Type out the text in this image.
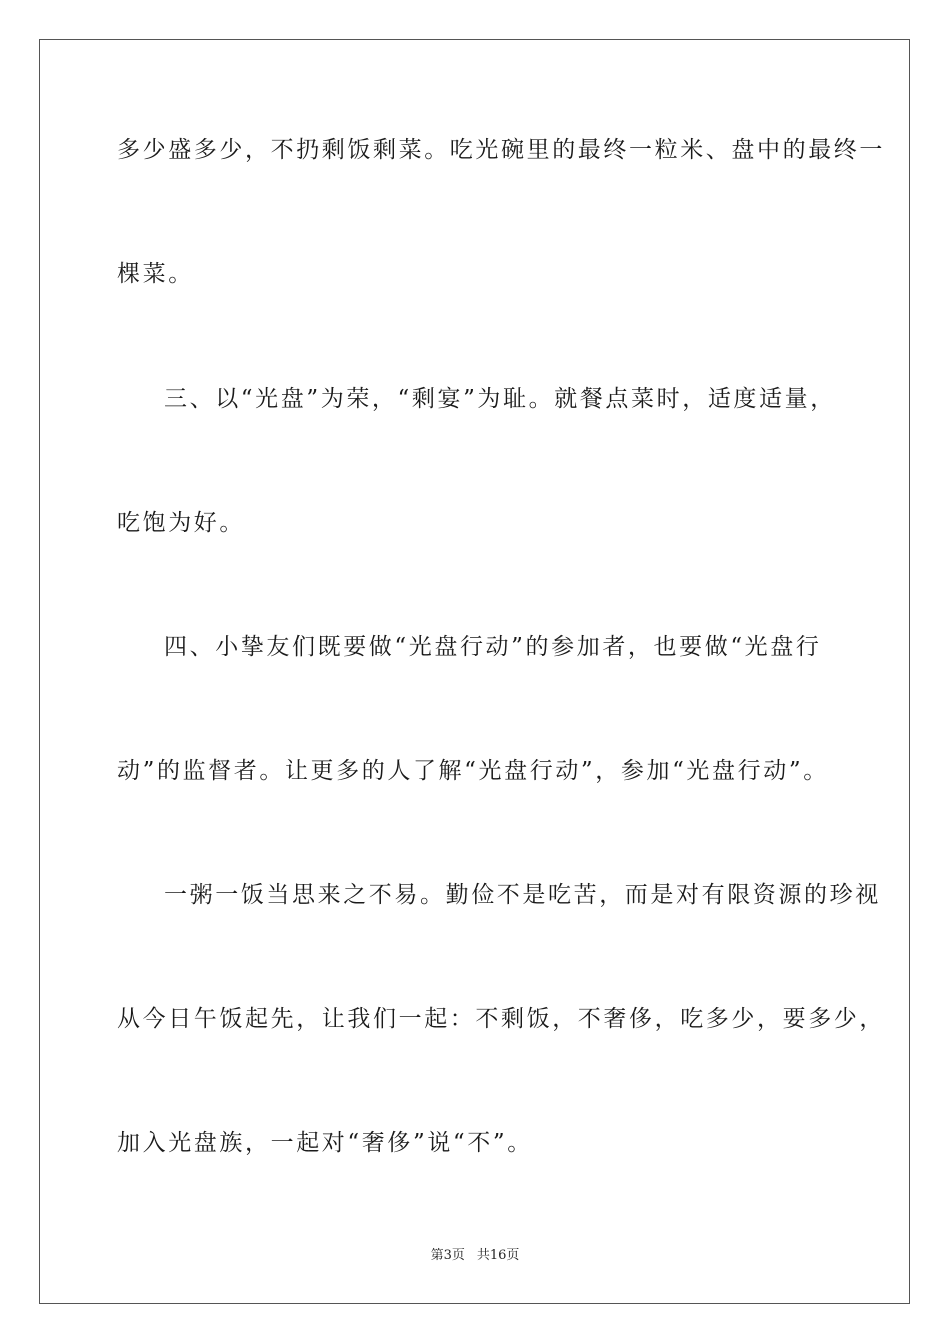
多少盛多少，不扔剩饭剩菜。吃光碗里的最终一粒米、盘中的最终一
棵菜。
三、以“光盘”为荣，“剩宴”为耻。就餐点菜时，适度适量，
吃饱为好。
四、小挚友们既要做“光盘行动”的参加者，也要做“光盘行
动”的监督者。让更多的人了解“光盘行动”，参加“光盘行动”。
一粥一饭当思来之不易。勤俭不是吃苦，而是对有限资源的珍视
从今日午饭起先，让我们一起：不剩饭，不奢侈，吃多少，要多少，
加入光盘族，一起对“奢侈”说“不”。
第3页 共16页
